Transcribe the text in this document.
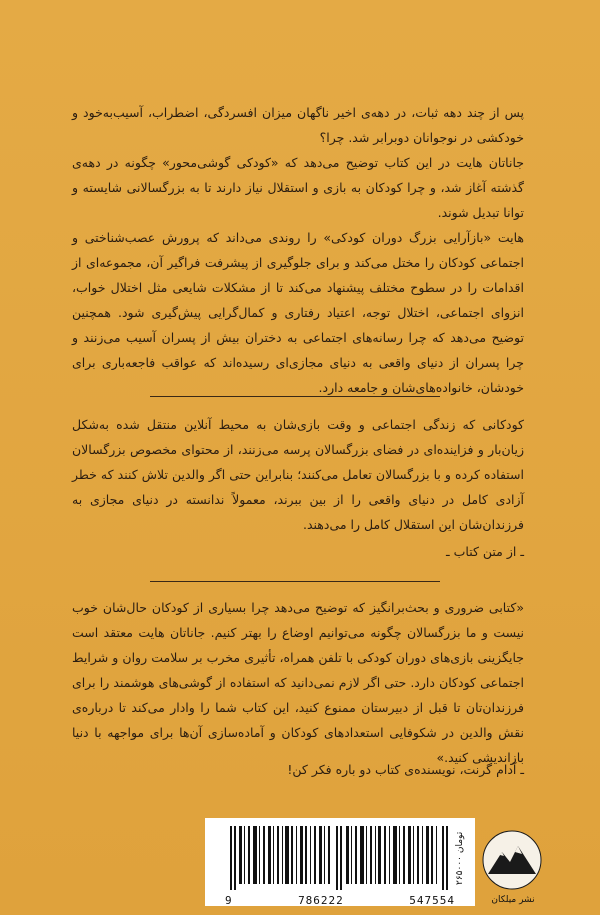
پس از چند دهه ثبات، در دهه‌ی اخیر ناگهان میزان افسردگی، اضطراب، آسیب‌به‌خود و خودکشی در نوجوانان دوبرابر شد. چرا؟

جاناتان هایت در این کتاب توضیح می‌دهد که «کودکی گوشی‌محور» چگونه در دهه‌ی گذشته آغاز شد، و چرا کودکان به بازی و استقلال نیاز دارند تا به بزرگسالانی شایسته و توانا تبدیل شوند.

هایت «بازآرایی بزرگ دوران کودکی» را روندی می‌داند که پرورش عصب‌شناختی و اجتماعی کودکان را مختل می‌کند و برای جلوگیری از پیشرفت فراگیر آن، مجموعه‌ای از اقدامات را در سطوح مختلف پیشنهاد می‌کند تا از مشکلات شایعی مثل اختلال خواب، انزوای اجتماعی، اختلال توجه، اعتیاد رفتاری و کمال‌گرایی پیش‌گیری شود. همچنین توضیح می‌دهد که چرا رسانه‌های اجتماعی به دختران بیش از پسران آسیب می‌زنند و چرا پسران از دنیای واقعی به دنیای مجازی‌ای رسیده‌اند که عواقب فاجعه‌باری برای خودشان، خانواده‌های‌شان و جامعه دارد.

کودکانی که زندگی اجتماعی و وقت بازی‌شان به محیط آنلاین منتقل شده به‌شکل زیان‌بار و فزاینده‌ای در فضای بزرگسالان پرسه می‌زنند، از محتوای مخصوص بزرگسالان استفاده کرده و با بزرگسالان تعامل می‌کنند؛ بنابراین حتی اگر والدین تلاش کنند که خطر آزادی کامل در دنیای واقعی را از بین ببرند، معمولاً ندانسته در دنیای مجازی به فرزندان‌شان این استقلال کامل را می‌دهند.

ـ از متن کتاب ـ

«کتابی ضروری و بحث‌برانگیز که توضیح می‌دهد چرا بسیاری از کودکان حال‌شان خوب نیست و ما بزرگسالان چگونه می‌توانیم اوضاع را بهتر کنیم. جاناتان هایت معتقد است جایگزینی بازی‌های دوران کودکی با تلفن همراه، تأثیری مخرب بر سلامت روان و شرایط اجتماعی کودکان دارد. حتی اگر لازم نمی‌دانید که استفاده از گوشی‌های هوشمند را برای فرزندان‌تان تا قبل از دبیرستان ممنوع کنید، این کتاب شما را وادار می‌کند تا درباره‌ی نقش والدین در شکوفایی استعدادهای کودکان و آماده‌سازی آن‌ها برای مواجهه با دنیا بازاندیشی کنید.»

ـ آدام گرنت، نویسنده‌ی کتاب دو باره فکر کن!
۲۶۵۰۰۰ تومان
9	786222	547554	نشر میلکان
